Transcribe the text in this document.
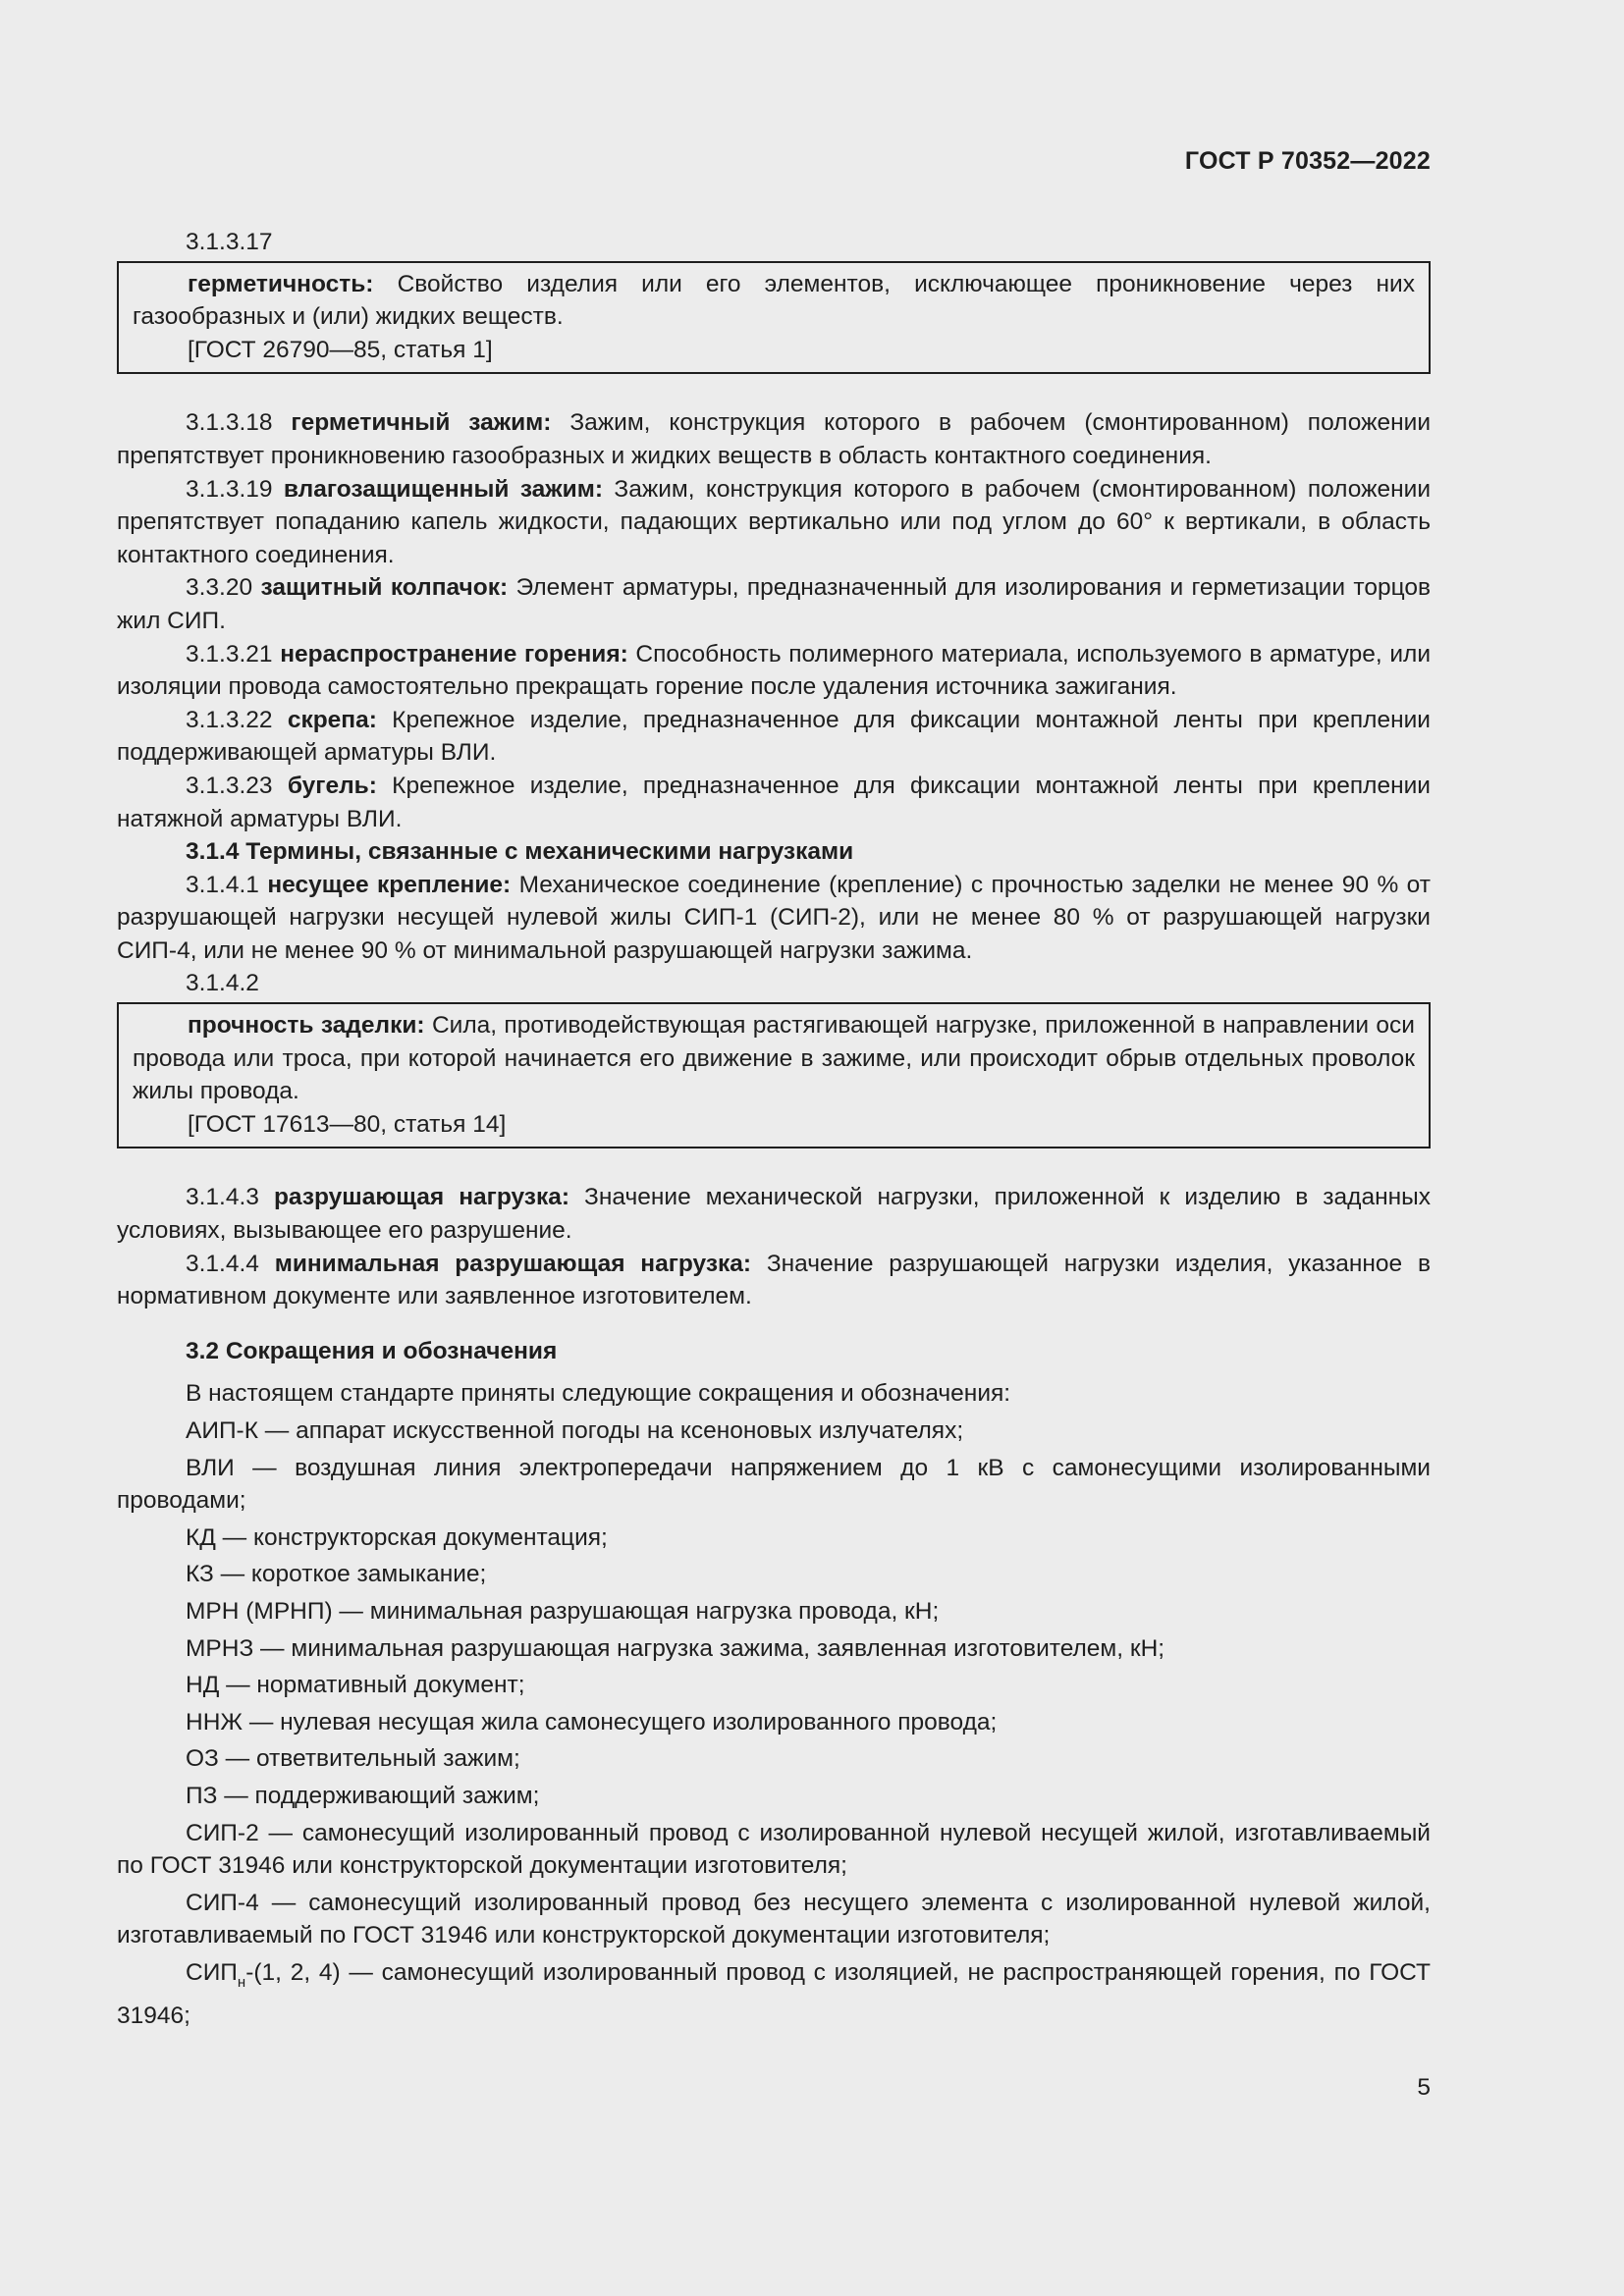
ГОСТ Р 70352—2022

3.1.3.17

герметичность: Свойство изделия или его элементов, исключающее проникновение через них газообразных и (или) жидких веществ.

[ГОСТ 26790—85, статья 1]

3.1.3.18 герметичный зажим: Зажим, конструкция которого в рабочем (смонтированном) положении препятствует проникновению газообразных и жидких веществ в область контактного соединения.

3.1.3.19 влагозащищенный зажим: Зажим, конструкция которого в рабочем (смонтированном) положении препятствует попаданию капель жидкости, падающих вертикально или под углом до 60° к вертикали, в область контактного соединения.

3.3.20 защитный колпачок: Элемент арматуры, предназначенный для изолирования и герметизации торцов жил СИП.

3.1.3.21 нераспространение горения: Способность полимерного материала, используемого в арматуре, или изоляции провода самостоятельно прекращать горение после удаления источника зажигания.

3.1.3.22 скрепа: Крепежное изделие, предназначенное для фиксации монтажной ленты при креплении поддерживающей арматуры ВЛИ.

3.1.3.23 бугель: Крепежное изделие, предназначенное для фиксации монтажной ленты при креплении натяжной арматуры ВЛИ.

3.1.4 Термины, связанные с механическими нагрузками

3.1.4.1 несущее крепление: Механическое соединение (крепление) с прочностью заделки не менее 90 % от разрушающей нагрузки несущей нулевой жилы СИП-1 (СИП-2), или не менее 80 % от разрушающей нагрузки СИП-4, или не менее 90 % от минимальной разрушающей нагрузки зажима.

3.1.4.2

прочность заделки: Сила, противодействующая растягивающей нагрузке, приложенной в направлении оси провода или троса, при которой начинается его движение в зажиме, или происходит обрыв отдельных проволок жилы провода.

[ГОСТ 17613—80, статья 14]

3.1.4.3 разрушающая нагрузка: Значение механической нагрузки, приложенной к изделию в заданных условиях, вызывающее его разрушение.

3.1.4.4 минимальная разрушающая нагрузка: Значение разрушающей нагрузки изделия, указанное в нормативном документе или заявленное изготовителем.

3.2 Сокращения и обозначения

В настоящем стандарте приняты следующие сокращения и обозначения:

АИП-К — аппарат искусственной погоды на ксеноновых излучателях;

ВЛИ — воздушная линия электропередачи напряжением до 1 кВ с самонесущими изолированными проводами;

КД — конструкторская документация;

КЗ — короткое замыкание;

МРН (МРНП) — минимальная разрушающая нагрузка провода, кН;

МРНЗ — минимальная разрушающая нагрузка зажима, заявленная изготовителем, кН;

НД — нормативный документ;

ННЖ — нулевая несущая жила самонесущего изолированного провода;

ОЗ — ответвительный зажим;

ПЗ — поддерживающий зажим;

СИП-2 — самонесущий изолированный провод с изолированной нулевой несущей жилой, изготавливаемый по ГОСТ 31946 или конструкторской документации изготовителя;

СИП-4 — самонесущий изолированный провод без несущего элемента с изолированной нулевой жилой, изготавливаемый по ГОСТ 31946 или конструкторской документации изготовителя;

$СИП_н-(1$, 2, 4) — самонесущий изолированный провод с изоляцией, не распространяющей горения, по ГОСТ 31946;

5
